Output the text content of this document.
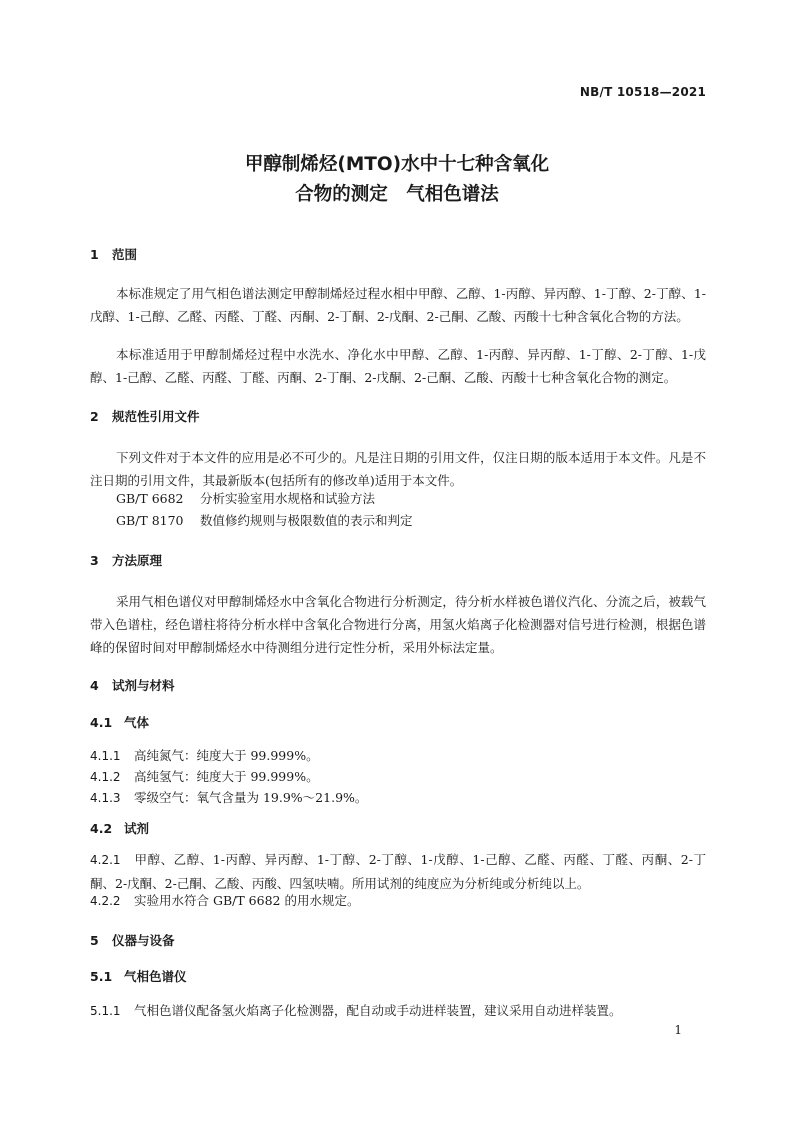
NB/T 10518—2021
甲醇制烯烃(MTO)水中十七种含氧化
合物的测定　气相色谱法
1 范围
本标准规定了用气相色谱法测定甲醇制烯烃过程水相中甲醇、乙醇、1-丙醇、异丙醇、1-丁醇、2-丁醇、1-戊醇、1-己醇、乙醛、丙醛、丁醛、丙酮、2-丁酮、2-戊酮、2-己酮、乙酸、丙酸十七种含氧化合物的方法。
本标准适用于甲醇制烯烃过程中水洗水、净化水中甲醇、乙醇、1-丙醇、异丙醇、1-丁醇、2-丁醇、1-戊醇、1-己醇、乙醛、丙醛、丁醛、丙酮、2-丁酮、2-戊酮、2-己酮、乙酸、丙酸十七种含氧化合物的测定。
2 规范性引用文件
下列文件对于本文件的应用是必不可少的。凡是注日期的引用文件，仅注日期的版本适用于本文件。凡是不注日期的引用文件，其最新版本(包括所有的修改单)适用于本文件。
GB/T 6682 分析实验室用水规格和试验方法
GB/T 8170 数值修约规则与极限数值的表示和判定
3 方法原理
采用气相色谱仪对甲醇制烯烃水中含氧化合物进行分析测定，待分析水样被色谱仪汽化、分流之后，被载气带入色谱柱，经色谱柱将待分析水样中含氧化合物进行分离，用氢火焰离子化检测器对信号进行检测，根据色谱峰的保留时间对甲醇制烯烃水中待测组分进行定性分析，采用外标法定量。
4 试剂与材料
4.1 气体
4.1.1 高纯氮气：纯度大于 99.999%。
4.1.2 高纯氢气：纯度大于 99.999%。
4.1.3 零级空气：氧气含量为 19.9%～21.9%。
4.2 试剂
4.2.1 甲醇、乙醇、1-丙醇、异丙醇、1-丁醇、2-丁醇、1-戊醇、1-己醇、乙醛、丙醛、丁醛、丙酮、2-丁酮、2-戊酮、2-己酮、乙酸、丙酸、四氢呋喃。所用试剂的纯度应为分析纯或分析纯以上。
4.2.2 实验用水符合 GB/T 6682 的用水规定。
5 仪器与设备
5.1 气相色谱仪
5.1.1 气相色谱仪配备氢火焰离子化检测器，配自动或手动进样装置，建议采用自动进样装置。
1
